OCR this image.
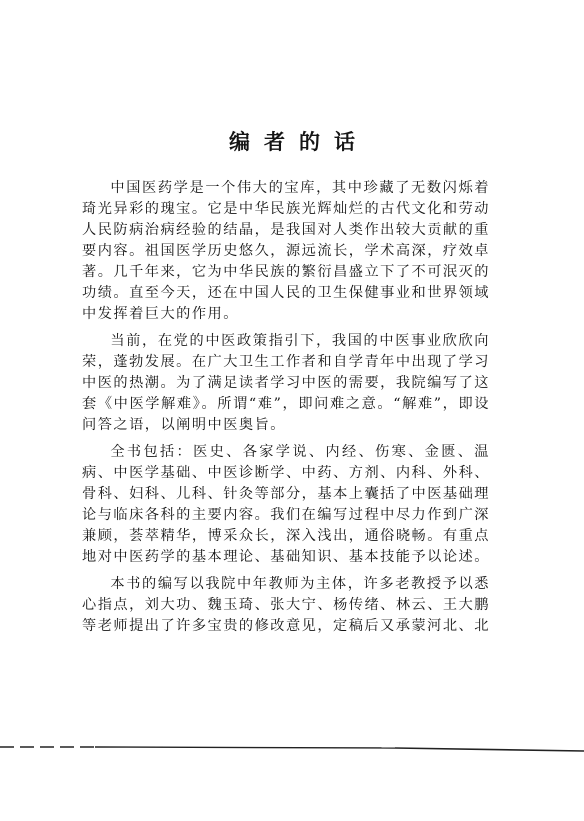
编者的话

中国医药学是一个伟大的宝库，其中珍藏了无数闪烁着琦光异彩的瑰宝。它是中华民族光辉灿烂的古代文化和劳动人民防病治病经验的结晶，是我国对人类作出较大贡献的重要内容。祖国医学历史悠久，源远流长，学术高深，疗效卓著。几千年来，它为中华民族的繁衍昌盛立下了不可泯灭的功绩。直至今天，还在中国人民的卫生保健事业和世界领域中发挥着巨大的作用。

当前，在党的中医政策指引下，我国的中医事业欣欣向荣，蓬勃发展。在广大卫生工作者和自学青年中出现了学习中医的热潮。为了满足读者学习中医的需要，我院编写了这套《中医学解难》。所谓“难”，即问难之意。“解难”，即设问答之语，以阐明中医奥旨。

全书包括：医史、各家学说、内经、伤寒、金匮、温病、中医学基础、中医诊断学、中药、方剂、内科、外科、骨科、妇科、儿科、针灸等部分，基本上囊括了中医基础理论与临床各科的主要内容。我们在编写过程中尽力作到广深兼顾，荟萃精华，博采众长，深入浅出，通俗晓畅。有重点地对中医药学的基本理论、基础知识、基本技能予以论述。

本书的编写以我院中年教师为主体，许多老教授予以悉心指点，刘大功、魏玉琦、张大宁、杨传绪、林云、王大鹏等老师提出了许多宝贵的修改意见，定稿后又承蒙河北、北
